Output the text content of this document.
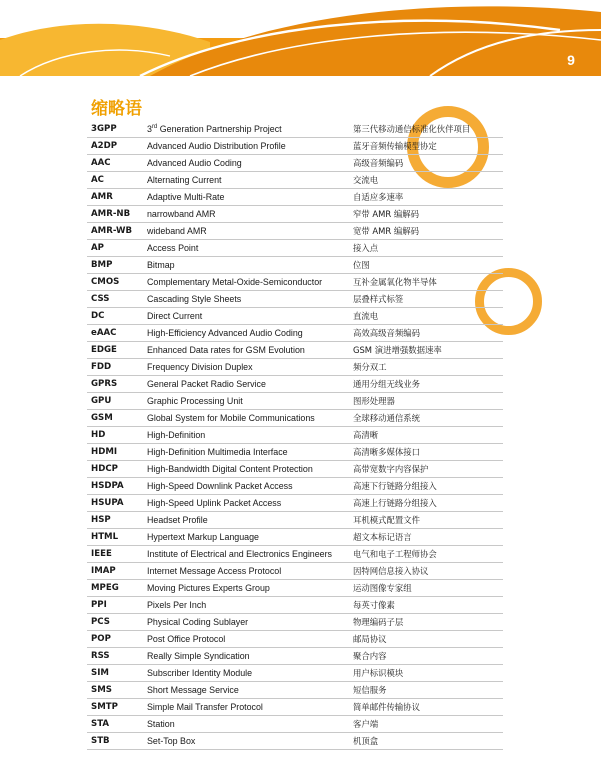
9
缩略语
3GPP	3rd Generation Partnership Project	第三代移动通信标准化伙伴项目
A2DP	Advanced Audio Distribution Profile	蓝牙音频传输模型协定
AAC	Advanced Audio Coding	高级音频编码
AC	Alternating Current	交流电
AMR	Adaptive Multi-Rate	自适应多速率
AMR-NB	narrowband AMR	窄带 AMR 编解码
AMR-WB	wideband AMR	宽带 AMR 编解码
AP	Access Point	接入点
BMP	Bitmap	位图
CMOS	Complementary Metal-Oxide-Semiconductor	互补金属氧化物半导体
CSS	Cascading Style Sheets	层叠样式标签
DC	Direct Current	直流电
eAAC	High-Efficiency Advanced Audio Coding	高效高级音频编码
EDGE	Enhanced Data rates for GSM Evolution	GSM 演进增强数据速率
FDD	Frequency Division Duplex	频分双工
GPRS	General Packet Radio Service	通用分组无线业务
GPU	Graphic Processing Unit	图形处理器
GSM	Global System for Mobile Communications	全球移动通信系统
HD	High-Definition	高清晰
HDMI	High-Definition Multimedia Interface	高清晰多媒体接口
HDCP	High-Bandwidth Digital Content Protection	高带宽数字内容保护
HSDPA	High-Speed Downlink Packet Access	高速下行链路分组接入
HSUPA	High-Speed Uplink Packet Access	高速上行链路分组接入
HSP	Headset Profile	耳机模式配置文件
HTML	Hypertext Markup Language	超文本标记语言
IEEE	Institute of Electrical and Electronics Engineers	电气和电子工程师协会
IMAP	Internet Message Access Protocol	因特网信息接入协议
MPEG	Moving Pictures Experts Group	运动图像专家组
PPI	Pixels Per Inch	每英寸像素
PCS	Physical Coding Sublayer	物理编码子层
POP	Post Office Protocol	邮局协议
RSS	Really Simple Syndication	聚合内容
SIM	Subscriber Identity Module	用户标识模块
SMS	Short Message Service	短信服务
SMTP	Simple Mail Transfer Protocol	简单邮件传输协议
STA	Station	客户端
STB	Set-Top Box	机顶盒
